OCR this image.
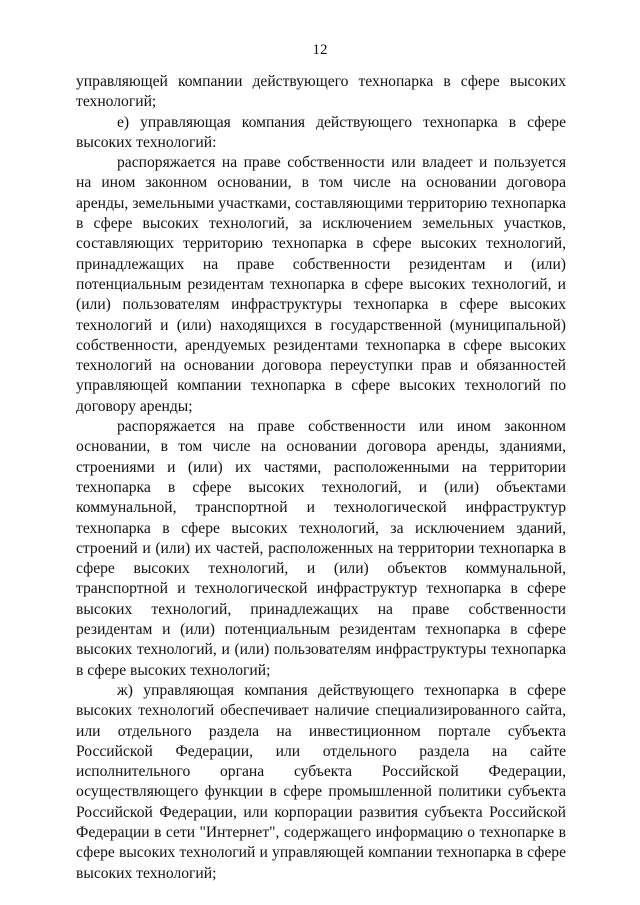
12

управляющей компании действующего технопарка в сфере высоких технологий;

е) управляющая компания действующего технопарка в сфере высоких технологий:

распоряжается на праве собственности или владеет и пользуется на ином законном основании, в том числе на основании договора аренды, земельными участками, составляющими территорию технопарка в сфере высоких технологий, за исключением земельных участков, составляющих территорию технопарка в сфере высоких технологий, принадлежащих на праве собственности резидентам и (или) потенциальным резидентам технопарка в сфере высоких технологий, и (или) пользователям инфраструктуры технопарка в сфере высоких технологий и (или) находящихся в государственной (муниципальной) собственности, арендуемых резидентами технопарка в сфере высоких технологий на основании договора переуступки прав и обязанностей управляющей компании технопарка в сфере высоких технологий по договору аренды;

распоряжается на праве собственности или ином законном основании, в том числе на основании договора аренды, зданиями, строениями и (или) их частями, расположенными на территории технопарка в сфере высоких технологий, и (или) объектами коммунальной, транспортной и технологической инфраструктур технопарка в сфере высоких технологий, за исключением зданий, строений и (или) их частей, расположенных на территории технопарка в сфере высоких технологий, и (или) объектов коммунальной, транспортной и технологической инфраструктур технопарка в сфере высоких технологий, принадлежащих на праве собственности резидентам и (или) потенциальным резидентам технопарка в сфере высоких технологий, и (или) пользователям инфраструктуры технопарка в сфере высоких технологий;

ж) управляющая компания действующего технопарка в сфере высоких технологий обеспечивает наличие специализированного сайта, или отдельного раздела на инвестиционном портале субъекта Российской Федерации, или отдельного раздела на сайте исполнительного органа субъекта Российской Федерации, осуществляющего функции в сфере промышленной политики субъекта Российской Федерации, или корпорации развития субъекта Российской Федерации в сети "Интернет", содержащего информацию о технопарке в сфере высоких технологий и управляющей компании технопарка в сфере высоких технологий;
